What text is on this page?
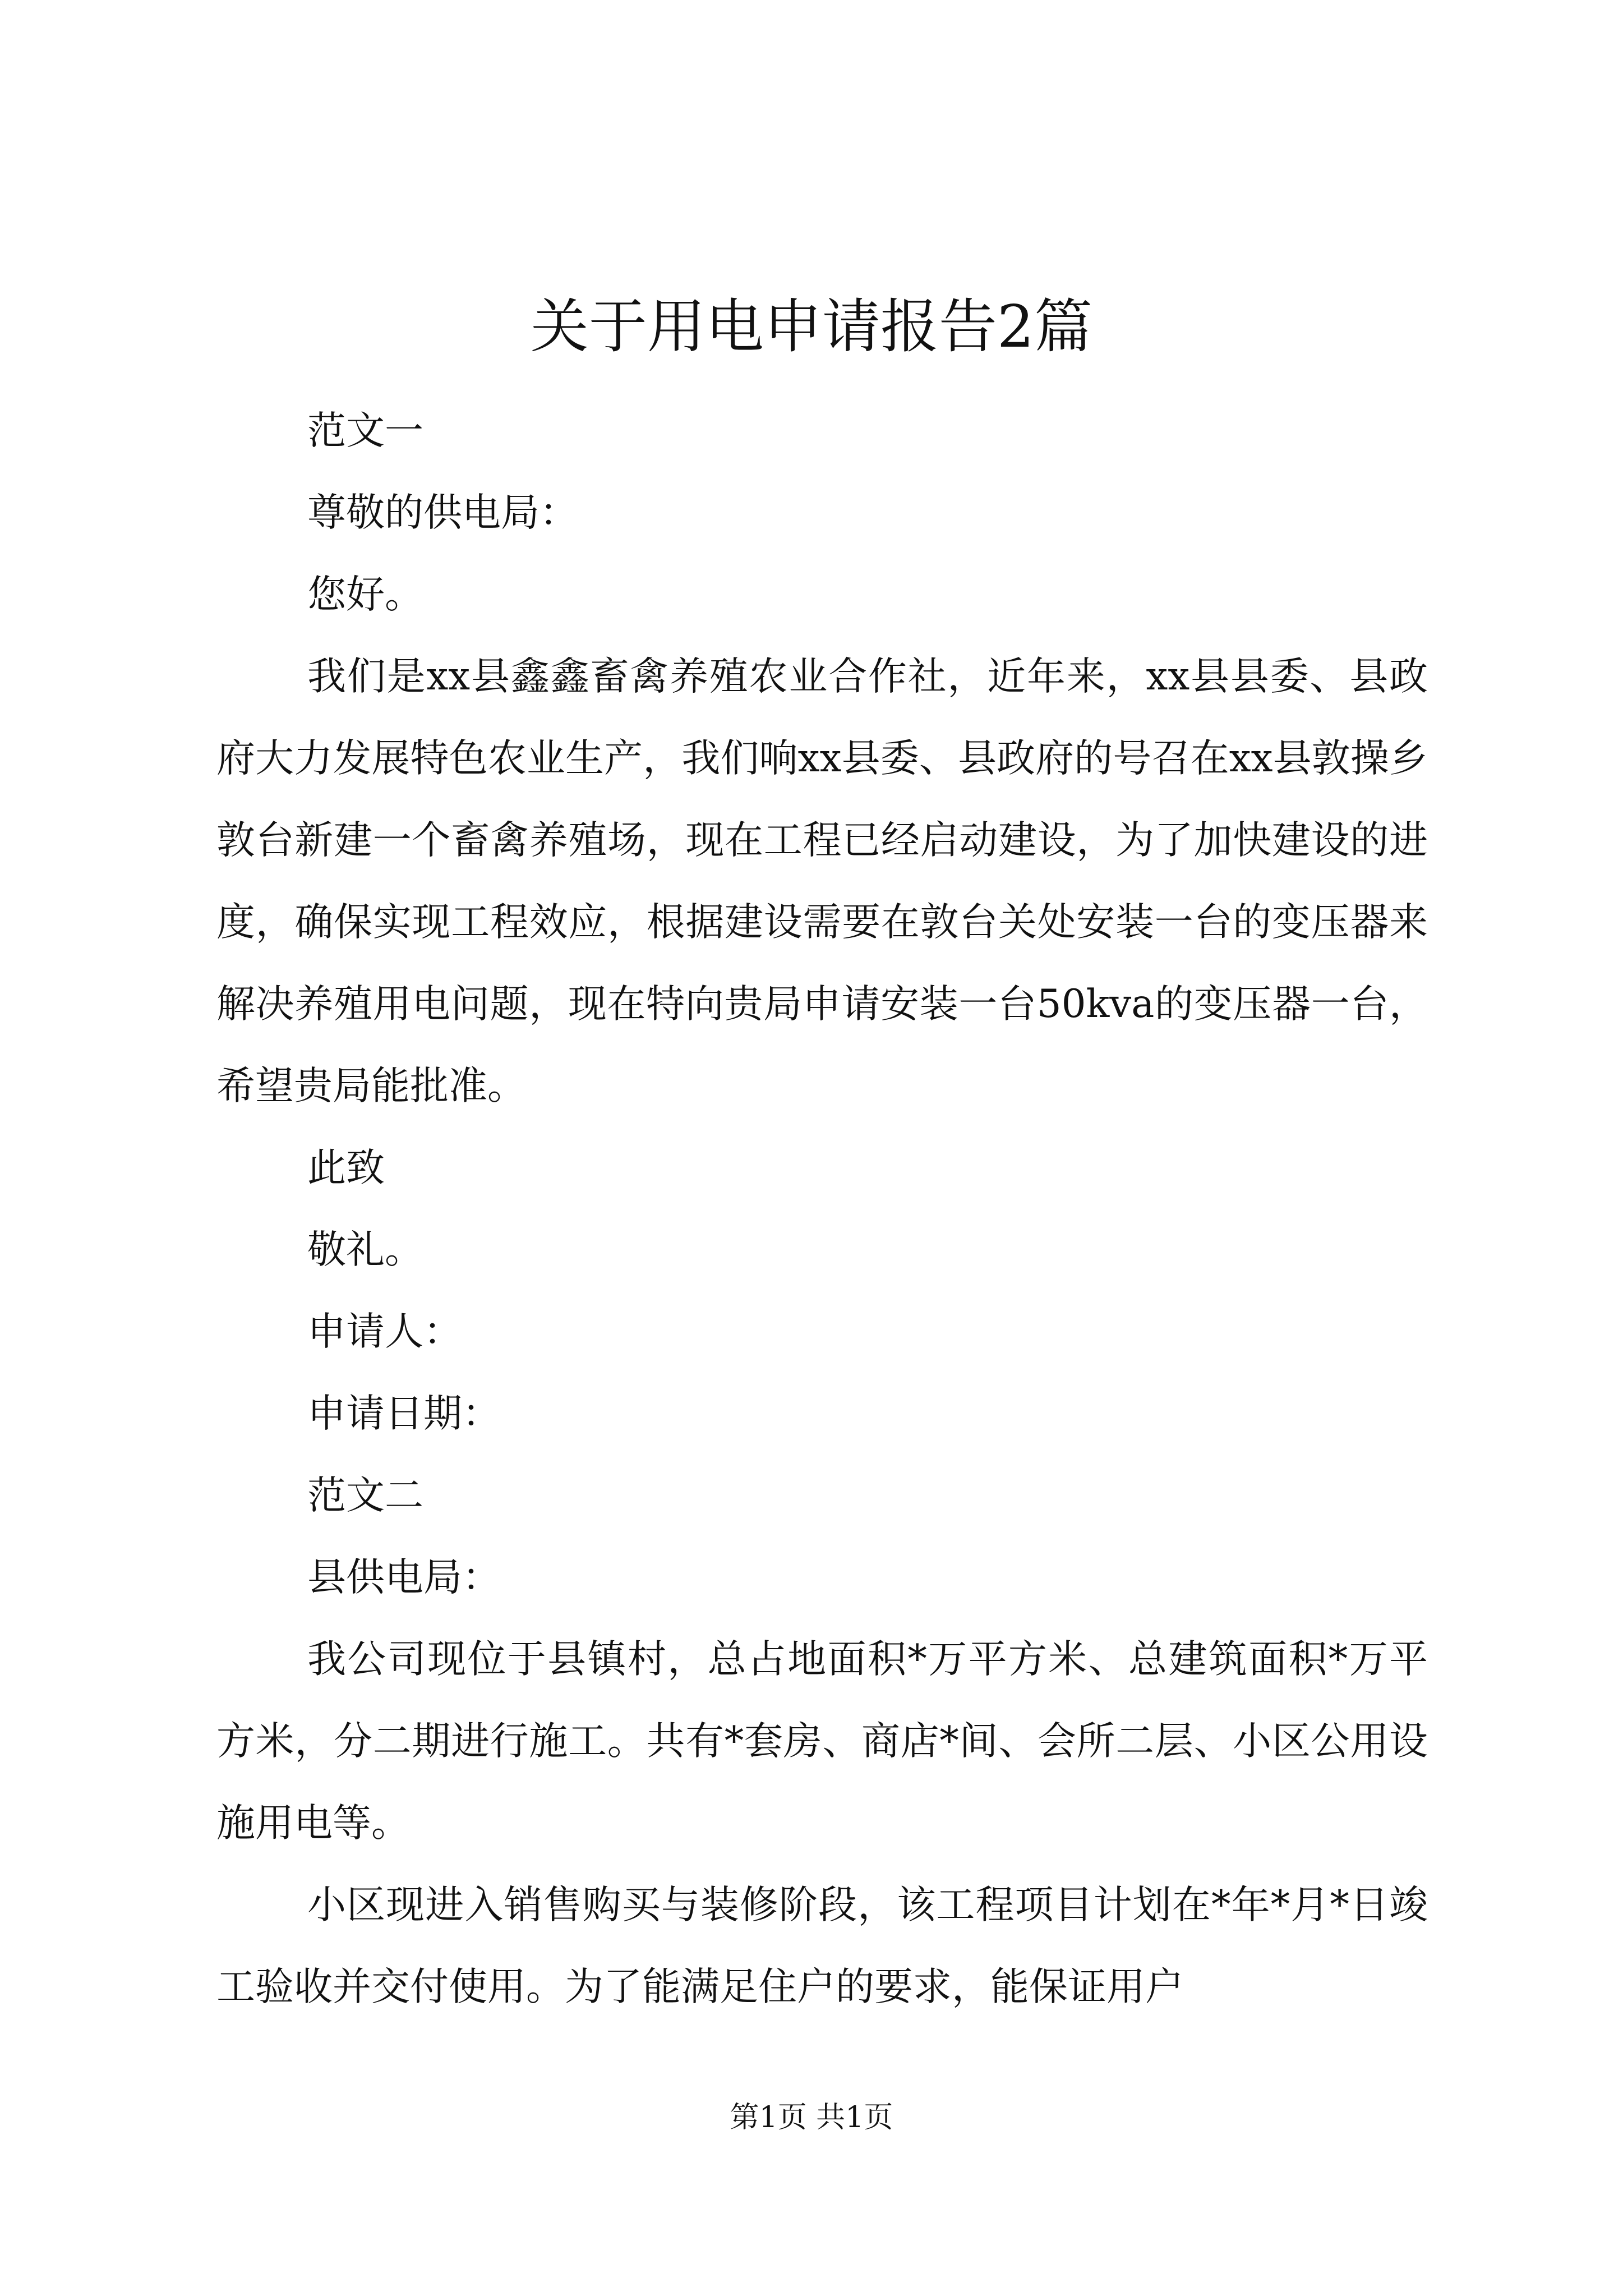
关于用电申请报告2篇

范文一

尊敬的供电局：

您好。

我们是xx县鑫鑫畜禽养殖农业合作社，近年来，xx县县委、县政府大力发展特色农业生产，我们响xx县委、县政府的号召在xx县敦操乡敦台新建一个畜禽养殖场，现在工程已经启动建设，为了加快建设的进度，确保实现工程效应，根据建设需要在敦台关处安装一台的变压器来解决养殖用电问题，现在特向贵局申请安装一台50kva的变压器一台，希望贵局能批准。

此致

敬礼。

申请人：

申请日期：

范文二

县供电局：

我公司现位于县镇村，总占地面积*万平方米、总建筑面积*万平方米，分二期进行施工。共有*套房、商店*间、会所二层、小区公用设施用电等。

小区现进入销售购买与装修阶段，该工程项目计划在*年*月*日竣工验收并交付使用。为了能满足住户的要求，能保证用户

第1页 共1页
